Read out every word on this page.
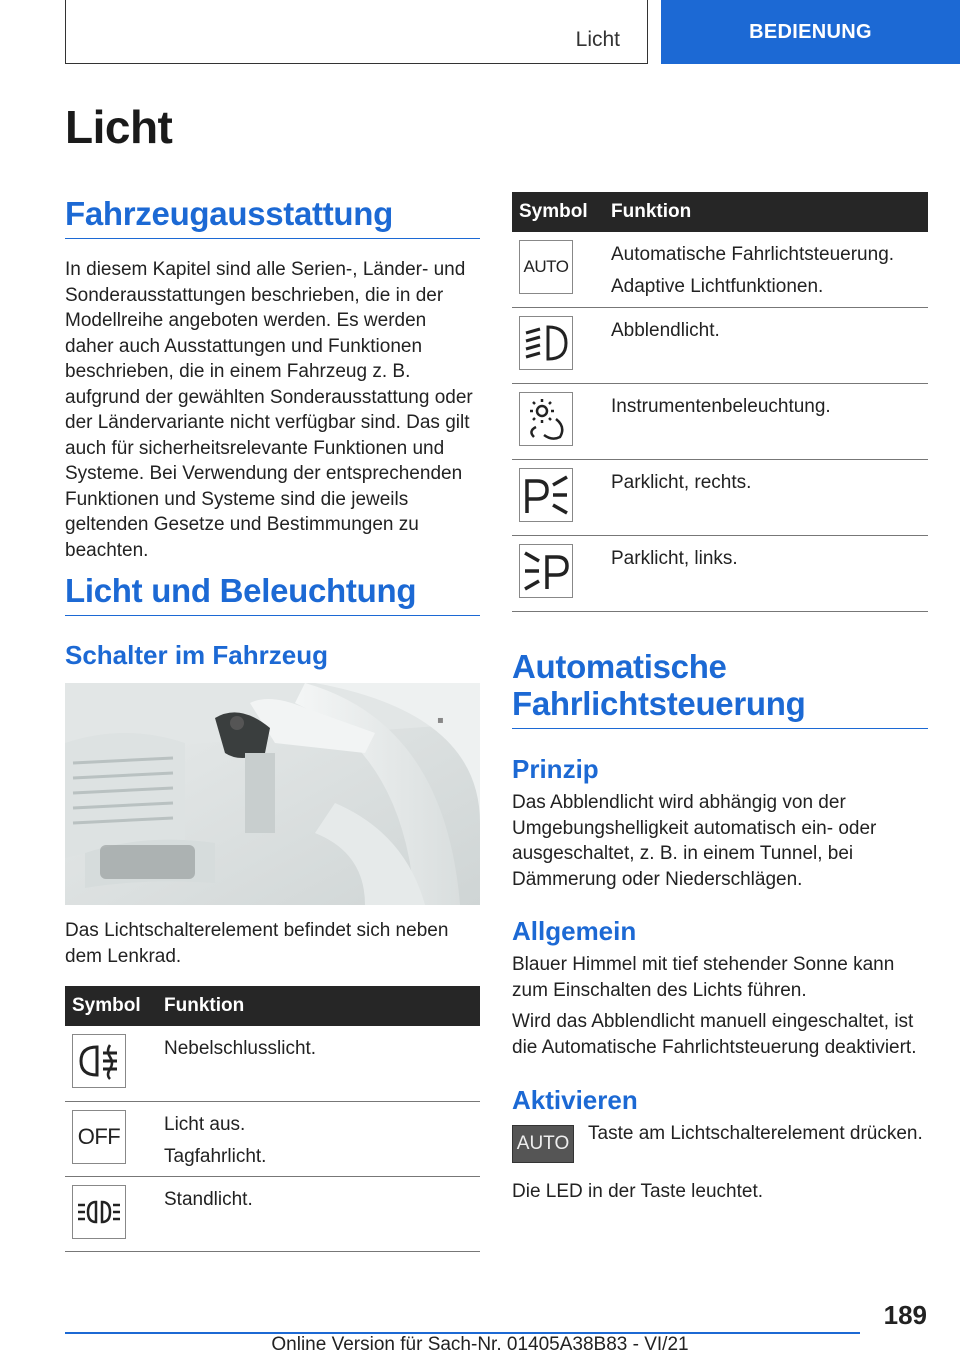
Licht	BEDIENUNG
Licht
Fahrzeugausstattung

In diesem Kapitel sind alle Serien-, Länder- und Sonderausstattungen beschrieben, die in der Modellreihe angeboten werden. Es werden daher auch Ausstattungen und Funktionen beschrieben, die in einem Fahrzeug z. B. aufgrund der gewählten Sonderausstattung oder der Ländervariante nicht verfügbar sind. Das gilt auch für sicherheitsrelevante Funktionen und Systeme. Bei Verwendung der entsprechenden Funktionen und Systeme sind die jeweils geltenden Gesetze und Bestimmungen zu beachten.

Licht und Beleuchtung
Schalter im Fahrzeug
▪

Das Lichtschalterelement befindet sich neben dem Lenkrad.

Symbol	Funktion

Nebelschlusslicht.

OFF	Licht aus.
Tagfahrlicht.

Standlicht.
Symbol	Funktion

AUTO	Automatische Fahrlichtsteuerung.
Adaptive Lichtfunktionen.

Abblendlicht.

Instrumentenbeleuchtung.

Parklicht, rechts.

Parklicht, links.
Automatische Fahrlichtsteuerung
Prinzip

Das Abblendlicht wird abhängig von der Umgebungshelligkeit automatisch ein- oder ausgeschaltet, z. B. in einem Tunnel, bei Dämmerung oder Niederschlägen.

Allgemein

Blauer Himmel mit tief stehender Sonne kann zum Einschalten des Lichts führen.

Wird das Abblendlicht manuell eingeschaltet, ist die Automatische Fahrlichtsteuerung deaktiviert.

Aktivieren
AUTO Taste am Lichtschalterelement drücken.

Die LED in der Taste leuchtet.

189
Online Version für Sach-Nr. 01405A38B83 - VI/21
